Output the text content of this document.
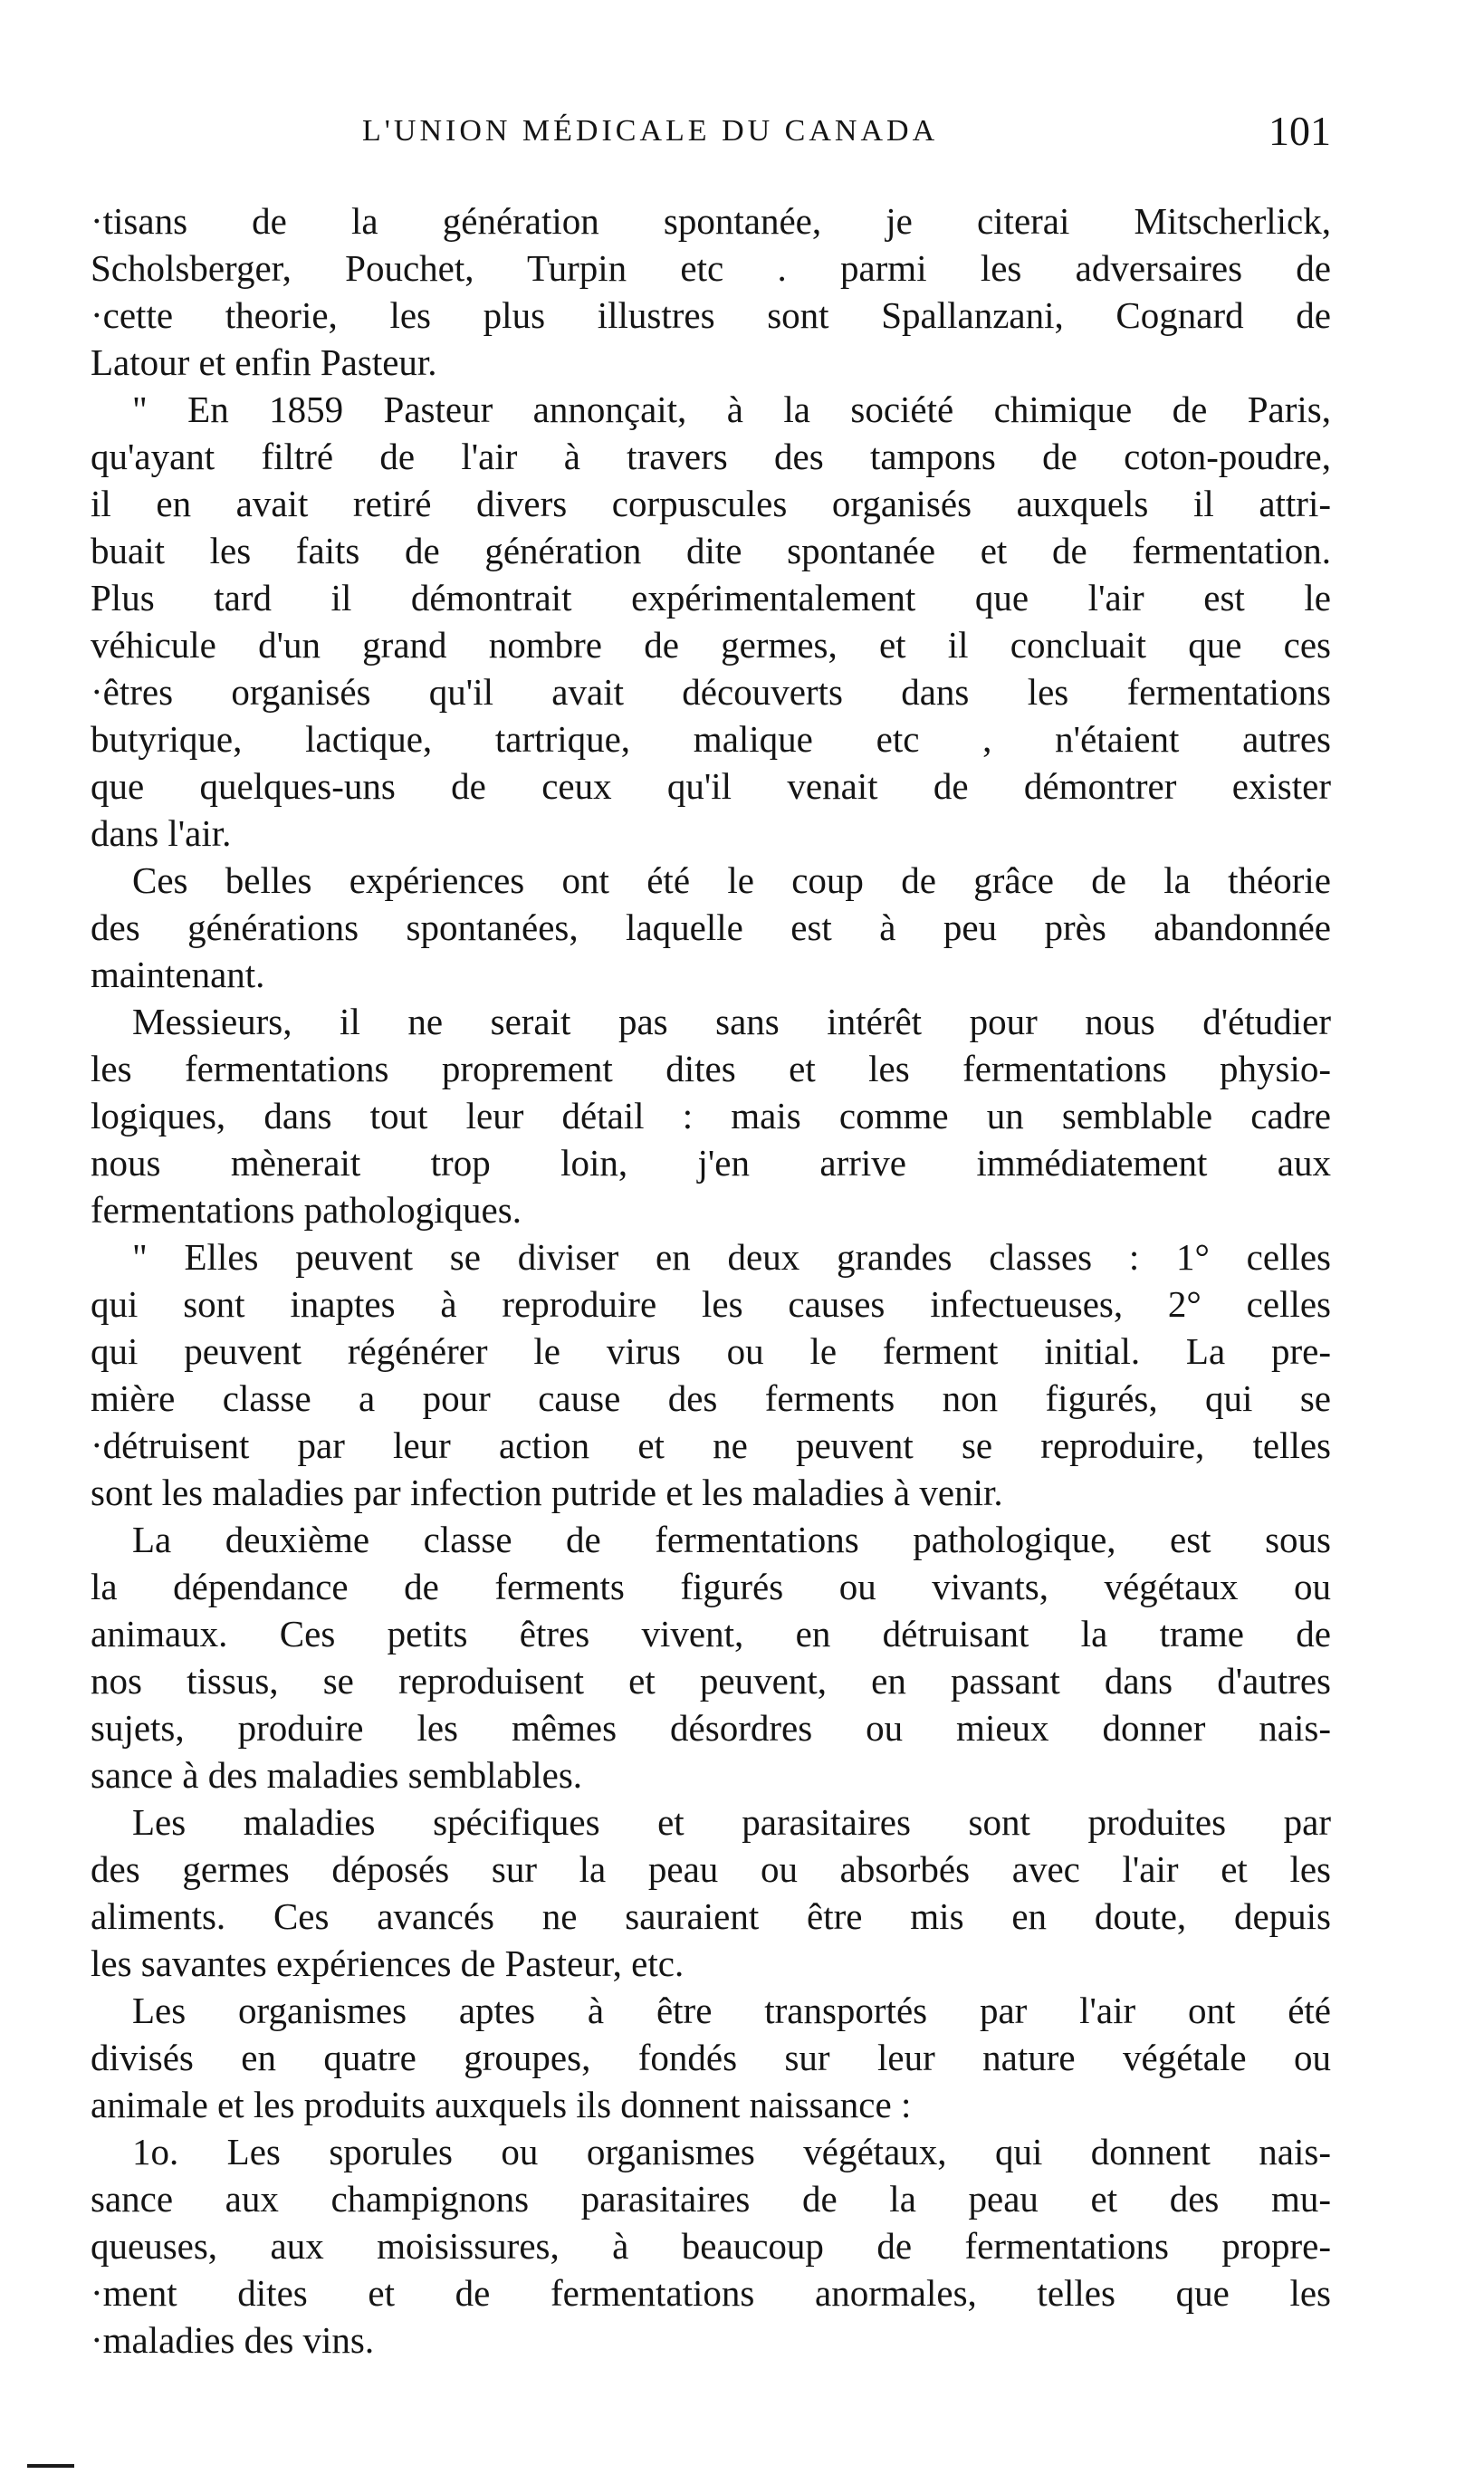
L'UNION MÉDICALE DU CANADA	101
·tisans de la génération spontanée, je citerai Mitscherlick,
Scholsberger, Pouchet, Turpin etc . parmi les adversaires de
·cette theorie, les plus illustres sont Spallanzani, Cognard de
Latour et enfin Pasteur.
" En 1859 Pasteur annonçait, à la société chimique de Paris,
qu'ayant filtré de l'air à travers des tampons de coton-poudre,
il en avait retiré divers corpuscules organisés auxquels il attri-
buait les faits de génération dite spontanée et de fermentation.
Plus tard il démontrait expérimentalement que l'air est le
véhicule d'un grand nombre de germes, et il concluait que ces
·êtres organisés qu'il avait découverts dans les fermentations
butyrique, lactique, tartrique, malique etc , n'étaient autres
que quelques-uns de ceux qu'il venait de démontrer exister
dans l'air.
Ces belles expériences ont été le coup de grâce de la théorie
des générations spontanées, laquelle est à peu près abandonnée
maintenant.
Messieurs, il ne serait pas sans intérêt pour nous d'étudier
les fermentations proprement dites et les fermentations physio-
logiques, dans tout leur détail : mais comme un semblable cadre
nous mènerait trop loin, j'en arrive immédiatement aux
fermentations pathologiques.
" Elles peuvent se diviser en deux grandes classes : 1° celles
qui sont inaptes à reproduire les causes infectueuses, 2° celles
qui peuvent régénérer le virus ou le ferment initial. La pre-
mière classe a pour cause des ferments non figurés, qui se
·détruisent par leur action et ne peuvent se reproduire, telles
sont les maladies par infection putride et les maladies à venir.
La deuxième classe de fermentations pathologique, est sous
la dépendance de ferments figurés ou vivants, végétaux ou
animaux. Ces petits êtres vivent, en détruisant la trame de
nos tissus, se reproduisent et peuvent, en passant dans d'autres
sujets, produire les mêmes désordres ou mieux donner nais-
sance à des maladies semblables.
Les maladies spécifiques et parasitaires sont produites par
des germes déposés sur la peau ou absorbés avec l'air et les
aliments. Ces avancés ne sauraient être mis en doute, depuis
les savantes expériences de Pasteur, etc.
Les organismes aptes à être transportés par l'air ont été
divisés en quatre groupes, fondés sur leur nature végétale ou
animale et les produits auxquels ils donnent naissance :
1o. Les sporules ou organismes végétaux, qui donnent nais-
sance aux champignons parasitaires de la peau et des mu-
queuses, aux moisissures, à beaucoup de fermentations propre-
·ment dites et de fermentations anormales, telles que les
·maladies des vins.
